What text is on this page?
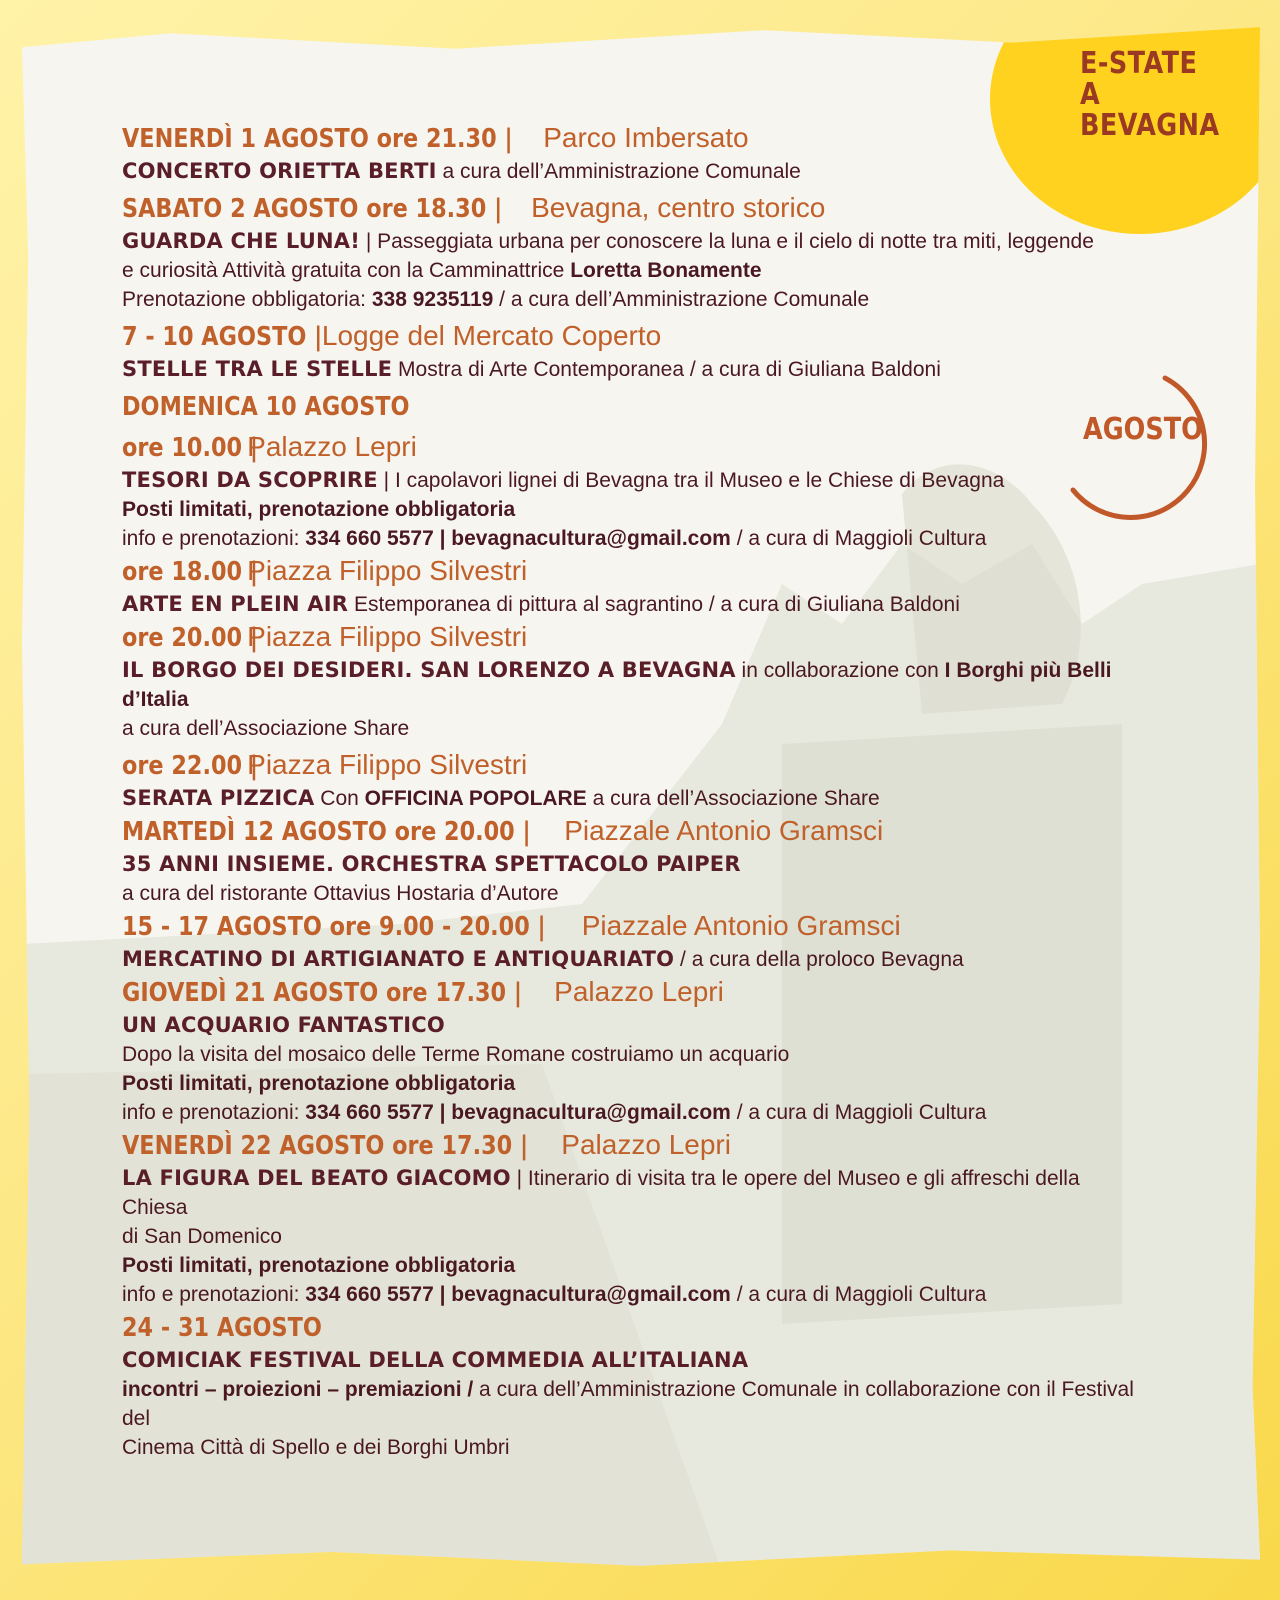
E-STATE
A BEVAGNA
AGOSTO

VENERDÌ 1 AGOSTO ore 21.30 | Parco Imbersato

CONCERTO ORIETTA BERTI a cura dell’Amministrazione Comunale

SABATO 2 AGOSTO ore 18.30 | Bevagna, centro storico

GUARDA CHE LUNA! | Passeggiata urbana per conoscere la luna e il cielo di notte tra miti, leggende

e curiosità Attività gratuita con la Camminattrice Loretta Bonamente

Prenotazione obbligatoria: 338 9235119 / a cura dell’Amministrazione Comunale

7 - 10 AGOSTO | Logge del Mercato Coperto

STELLE TRA LE STELLE Mostra di Arte Contemporanea / a cura di Giuliana Baldoni

DOMENICA 10 AGOSTO

ore 10.00 | Palazzo Lepri

TESORI DA SCOPRIRE | I capolavori lignei di Bevagna tra il Museo e le Chiese di Bevagna

Posti limitati, prenotazione obbligatoria

info e prenotazioni: 334 660 5577 | bevagnacultura@gmail.com / a cura di Maggioli Cultura

ore 18.00 | Piazza Filippo Silvestri

ARTE EN PLEIN AIR Estemporanea di pittura al sagrantino / a cura di Giuliana Baldoni

ore 20.00 | Piazza Filippo Silvestri

IL BORGO DEI DESIDERI. SAN LORENZO A BEVAGNA in collaborazione con I Borghi più Belli d’Italia

a cura dell’Associazione Share

ore 22.00 | Piazza Filippo Silvestri

SERATA PIZZICA Con OFFICINA POPOLARE a cura dell’Associazione Share

MARTEDÌ 12 AGOSTO ore 20.00 | Piazzale Antonio Gramsci

35 ANNI INSIEME. ORCHESTRA SPETTACOLO PAIPER

a cura del ristorante Ottavius Hostaria d’Autore

15 - 17 AGOSTO ore 9.00 - 20.00 | Piazzale Antonio Gramsci

MERCATINO DI ARTIGIANATO E ANTIQUARIATO / a cura della proloco Bevagna

GIOVEDÌ 21 AGOSTO ore 17.30 | Palazzo Lepri

UN ACQUARIO FANTASTICO

Dopo la visita del mosaico delle Terme Romane costruiamo un acquario

Posti limitati, prenotazione obbligatoria

info e prenotazioni: 334 660 5577 | bevagnacultura@gmail.com / a cura di Maggioli Cultura

VENERDÌ 22 AGOSTO ore 17.30 | Palazzo Lepri

LA FIGURA DEL BEATO GIACOMO | Itinerario di visita tra le opere del Museo e gli affreschi della Chiesa

di San Domenico

Posti limitati, prenotazione obbligatoria

info e prenotazioni: 334 660 5577 | bevagnacultura@gmail.com / a cura di Maggioli Cultura

24 - 31 AGOSTO

COMICIAK FESTIVAL DELLA COMMEDIA ALL’ITALIANA

incontri – proiezioni – premiazioni / a cura dell’Amministrazione Comunale in collaborazione con il Festival del

Cinema Città di Spello e dei Borghi Umbri
